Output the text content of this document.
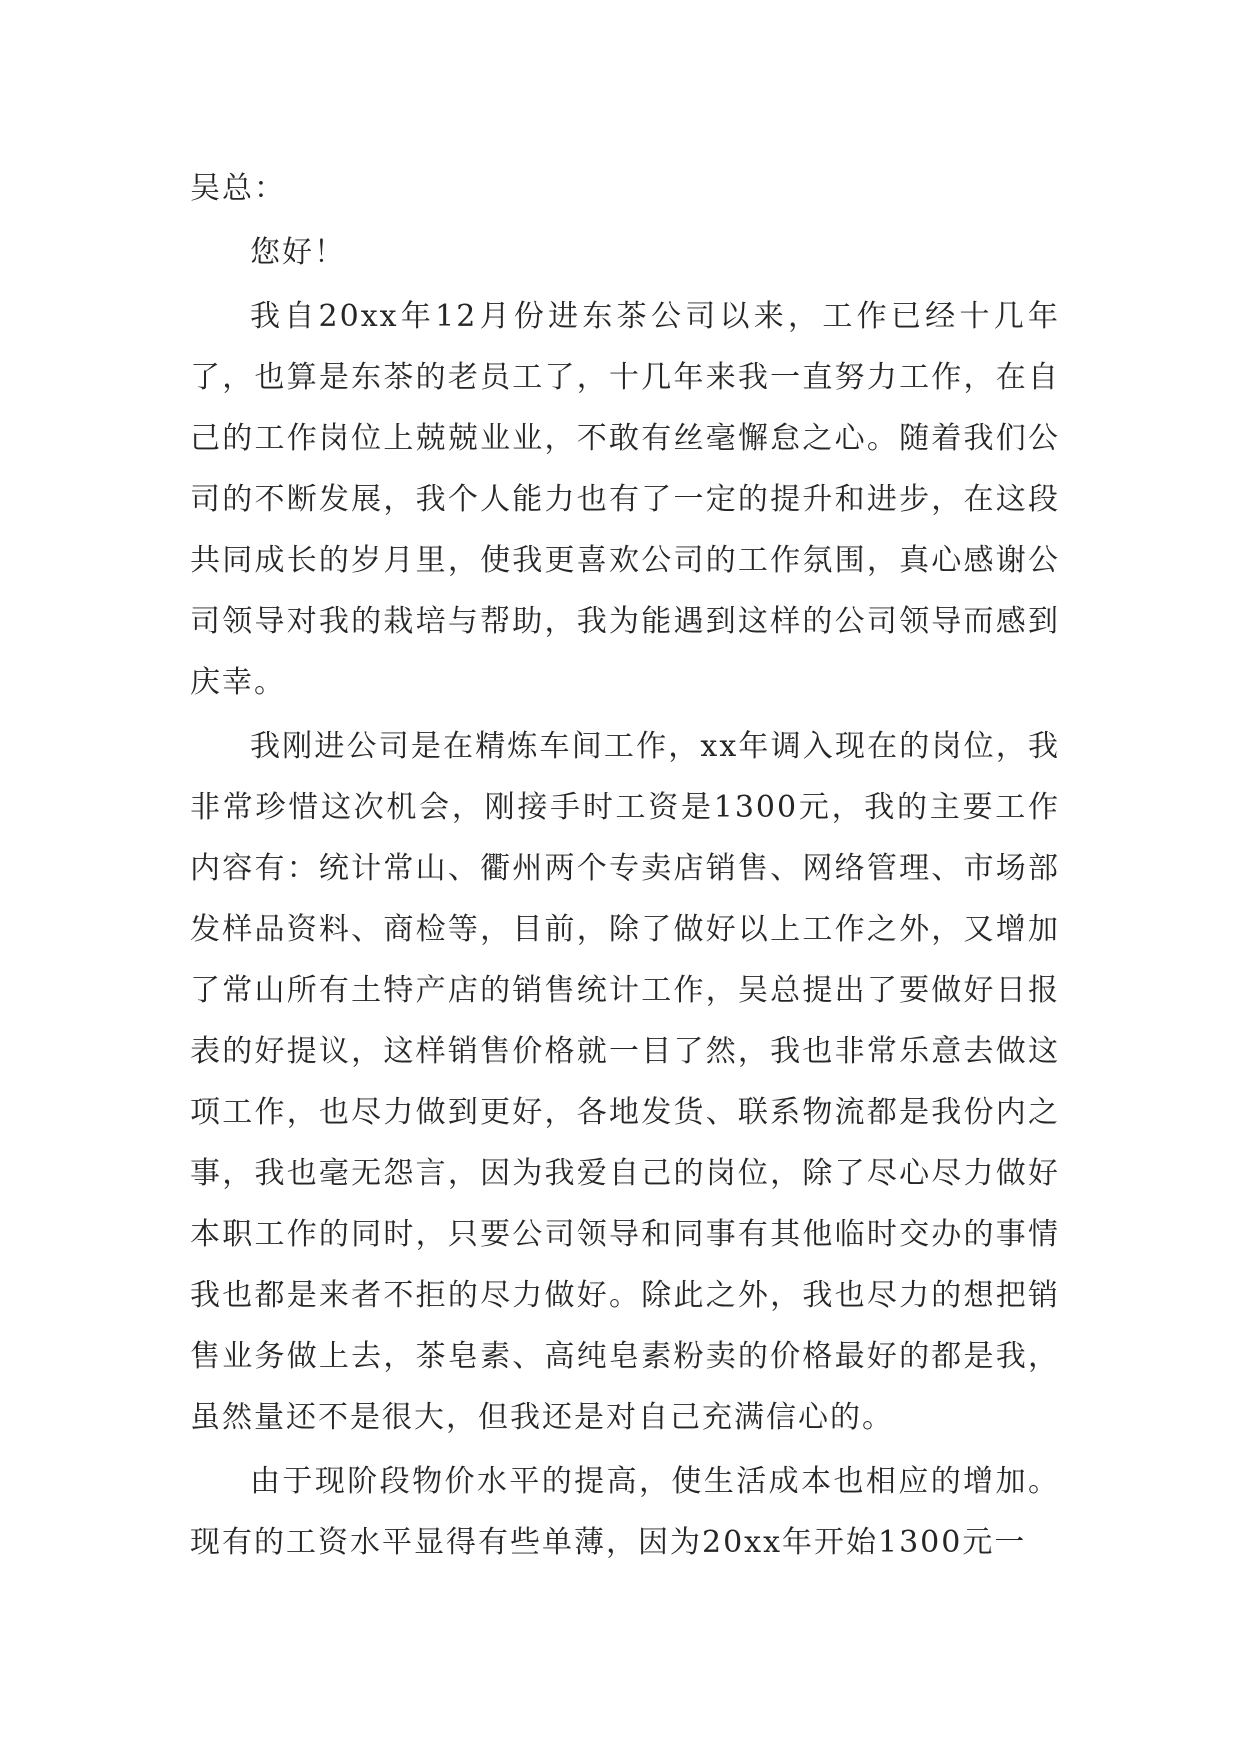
吴总：

您好！

我自20xx年12月份进东茶公司以来，工作已经十几年了，也算是东茶的老员工了，十几年来我一直努力工作，在自己的工作岗位上兢兢业业，不敢有丝毫懈怠之心。随着我们公司的不断发展，我个人能力也有了一定的提升和进步，在这段共同成长的岁月里，使我更喜欢公司的工作氛围，真心感谢公司领导对我的栽培与帮助，我为能遇到这样的公司领导而感到庆幸。

我刚进公司是在精炼车间工作，xx年调入现在的岗位，我非常珍惜这次机会，刚接手时工资是1300元，我的主要工作内容有：统计常山、衢州两个专卖店销售、网络管理、市场部发样品资料、商检等，目前，除了做好以上工作之外，又增加了常山所有土特产店的销售统计工作，吴总提出了要做好日报表的好提议，这样销售价格就一目了然，我也非常乐意去做这项工作，也尽力做到更好，各地发货、联系物流都是我份内之事，我也毫无怨言，因为我爱自己的岗位，除了尽心尽力做好本职工作的同时，只要公司领导和同事有其他临时交办的事情我也都是来者不拒的尽力做好。除此之外，我也尽力的想把销售业务做上去，茶皂素、高纯皂素粉卖的价格最好的都是我，虽然量还不是很大，但我还是对自己充满信心的。

由于现阶段物价水平的提高，使生活成本也相应的增加。现有的工资水平显得有些单薄，因为20xx年开始1300元一
